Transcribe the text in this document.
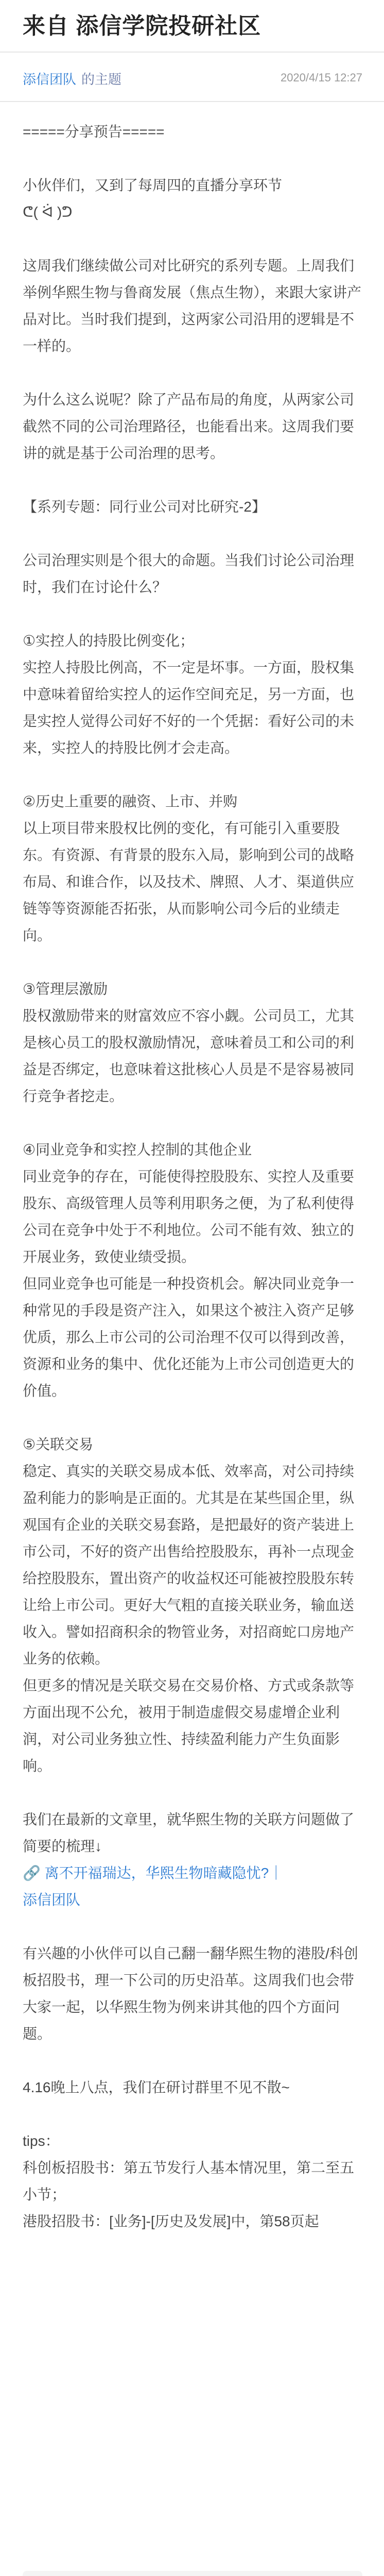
来自 添信学院投研社区
添信团队 的主题	2020/4/15 12:27

=====分享预告=====

小伙伴们，又到了每周四的直播分享环节
ᕦ( ᐛ )ᕤ

这周我们继续做公司对比研究的系列专题。上周我们举例华熙生物与鲁商发展（焦点生物），来跟大家讲产品对比。当时我们提到，这两家公司沿用的逻辑是不一样的。

为什么这么说呢？除了产品布局的角度，从两家公司截然不同的公司治理路径，也能看出来。这周我们要讲的就是基于公司治理的思考。

【系列专题：同行业公司对比研究-2】

公司治理实则是个很大的命题。当我们讨论公司治理时，我们在讨论什么？

①实控人的持股比例变化；
实控人持股比例高，不一定是坏事。一方面，股权集中意味着留给实控人的运作空间充足，另一方面，也是实控人觉得公司好不好的一个凭据：看好公司的未来，实控人的持股比例才会走高。

②历史上重要的融资、上市、并购
以上项目带来股权比例的变化，有可能引入重要股东。有资源、有背景的股东入局，影响到公司的战略布局、和谁合作，以及技术、牌照、人才、渠道供应链等等资源能否拓张，从而影响公司今后的业绩走向。

③管理层激励
股权激励带来的财富效应不容小觑。公司员工，尤其是核心员工的股权激励情况，意味着员工和公司的利益是否绑定，也意味着这批核心人员是不是容易被同行竞争者挖走。

④同业竞争和实控人控制的其他企业
同业竞争的存在，可能使得控股股东、实控人及重要股东、高级管理人员等利用职务之便，为了私利使得公司在竞争中处于不利地位。公司不能有效、独立的开展业务，致使业绩受损。
但同业竞争也可能是一种投资机会。解决同业竞争一种常见的手段是资产注入，如果这个被注入资产足够优质，那么上市公司的公司治理不仅可以得到改善，资源和业务的集中、优化还能为上市公司创造更大的价值。

⑤关联交易
稳定、真实的关联交易成本低、效率高，对公司持续盈利能力的影响是正面的。尤其是在某些国企里，纵观国有企业的关联交易套路，是把最好的资产装进上市公司，不好的资产出售给控股股东，再补一点现金给控股股东，置出资产的收益权还可能被控股股东转让给上市公司。更好大气粗的直接关联业务，输血送收入。譬如招商积余的物管业务，对招商蛇口房地产业务的依赖。
但更多的情况是关联交易在交易价格、方式或条款等方面出现不公允，被用于制造虚假交易虚增企业利润，对公司业务独立性、持续盈利能力产生负面影响。

我们在最新的文章里，就华熙生物的关联方问题做了简要的梳理↓

🔗 离不开福瑞达，华熙生物暗藏隐忧?｜
添信团队

有兴趣的小伙伴可以自己翻一翻华熙生物的港股/科创板招股书，理一下公司的历史沿革。这周我们也会带大家一起，以华熙生物为例来讲其他的四个方面问题。

4.16晚上八点，我们在研讨群里不见不散~

tips：

科创板招股书：第五节发行人基本情况里，第二至五小节；

港股招股书：[业务]-[历史及发展]中，第58页起
